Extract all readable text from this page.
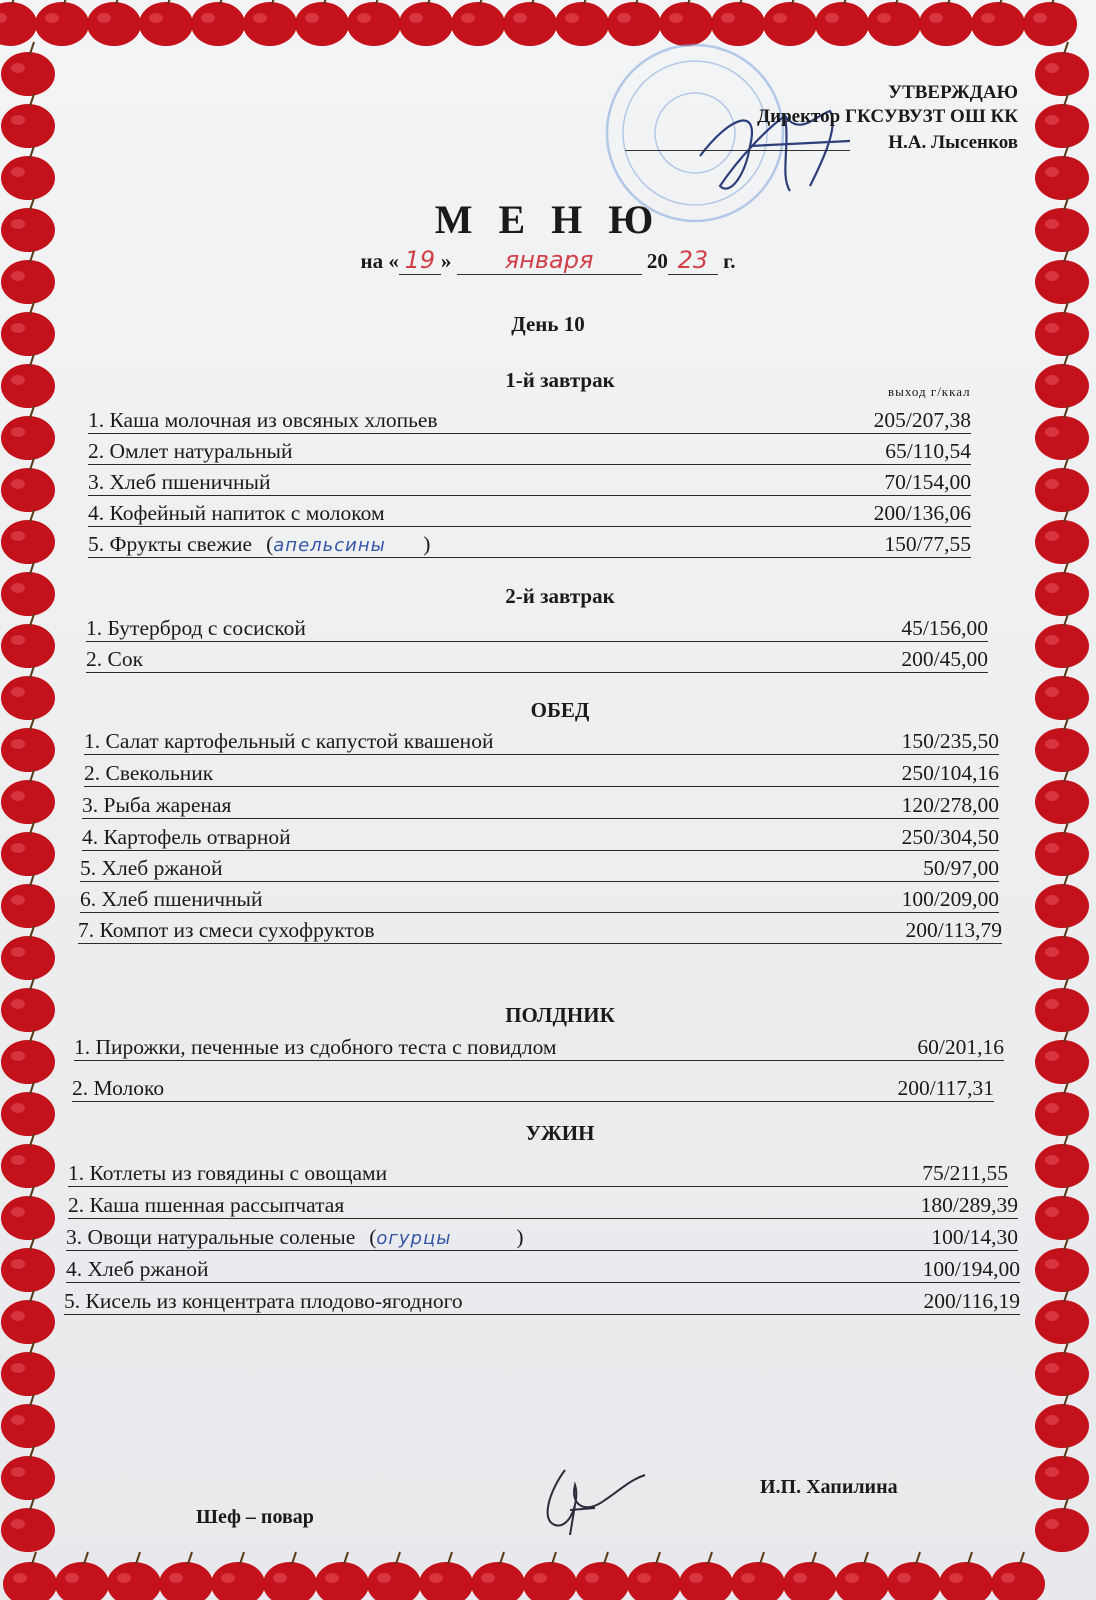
УТВЕРЖДАЮ
Директор ГКСУВУЗТ ОШ КК
Н.А. Лысенков
М Е Н Ю
на « 19 » января	20 23 г.
День 10
выход г/ккал
1-й завтрак
1. Каша молочная из овсяных хлопьев	205/207,38
2. Омлет натуральный	65/110,54
3. Хлеб пшеничный	70/154,00
4. Кофейный напиток с молоком	200/136,06
5. Фрукты свежие (апельсины )	150/77,55
2-й завтрак
1. Бутерброд с сосиской	45/156,00
2. Сок	200/45,00
ОБЕД
1. Салат картофельный с капустой квашеной	150/235,50
2. Свекольник	250/104,16
3. Рыба жареная	120/278,00
4. Картофель отварной	250/304,50
5. Хлеб ржаной	50/97,00
6. Хлеб пшеничный	100/209,00
7. Компот из смеси сухофруктов	200/113,79
ПОЛДНИК
1. Пирожки, печенные из сдобного теста с повидлом	60/201,16
2. Молоко	200/117,31
УЖИН
1. Котлеты из говядины с овощами	75/211,55
2. Каша пшенная рассыпчатая	180/289,39
3. Овощи натуральные соленые (огурцы	)	100/14,30
4. Хлеб ржаной	100/194,00
5. Кисель из концентрата плодово-ягодного	200/116,19
Шеф – повар
И.П. Хапилина
